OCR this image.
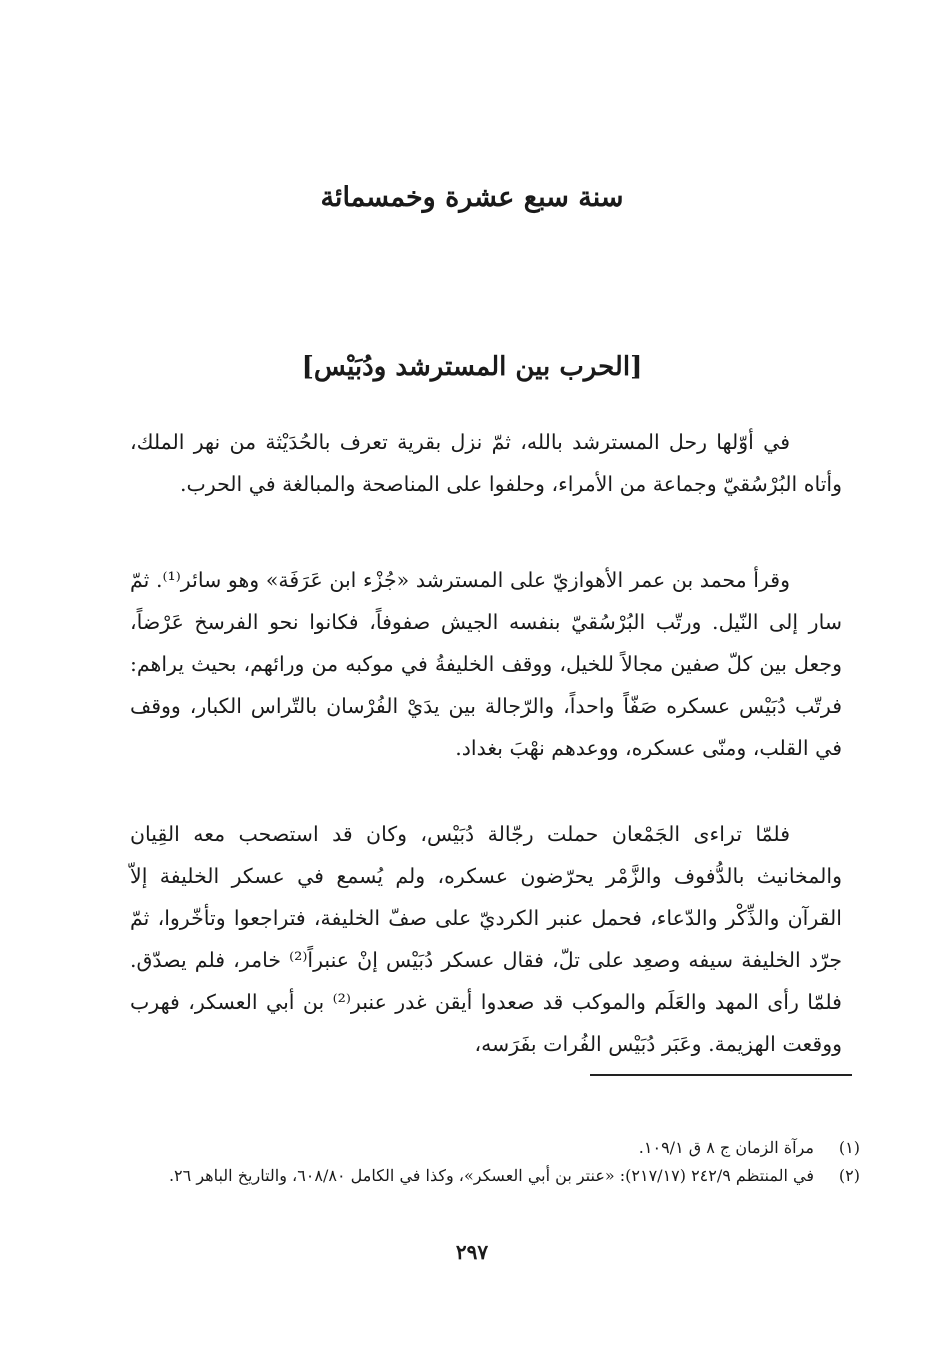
سنة سبع عشرة وخمسمائة
[الحرب بين المسترشد ودُبَيْس]

في أوّلها رحل المسترشد بالله، ثمّ نزل بقرية تعرف بالحُدَيْثة من نهر الملك، وأتاه البُرْسُقيّ وجماعة من الأمراء، وحلفوا على المناصحة والمبالغة في الحرب.

وقرأ محمد بن عمر الأهوازيّ على المسترشد «جُزْء ابن عَرَفَة» وهو سائر⁽¹⁾. ثمّ سار إلى النّيل. ورتّب البُرْسُقيّ بنفسه الجيش صفوفاً، فكانوا نحو الفرسخ عَرْضاً، وجعل بين كلّ صفين مجالاً للخيل، ووقف الخليفةُ في موكبه من ورائهم، بحيث يراهم: فرتّب دُبَيْس عسكره صَفّاً واحداً، والرّجالة بين يدَيْ الفُرْسان بالتّراس الكبار، ووقف في القلب، ومنّى عسكره، ووعدهم نهْبَ بغداد.

فلمّا تراءى الجَمْعان حملت رجّالة دُبَيْس، وكان قد استصحب معه القِيان والمخانيث بالدُّفوف والزَّمْر يحرّضون عسكره، ولم يُسمع في عسكر الخليفة إلاّ القرآن والذِّكْر والدّعاء، فحمل عنبر الكرديّ على صفّ الخليفة، فتراجعوا وتأخّروا، ثمّ جرّد الخليفة سيفه وصعِد على تلّ، فقال عسكر دُبَيْس إنْ عنبراً⁽²⁾ خامر، فلم يصدّق. فلمّا رأى المهد والعَلَم والموكب قد صعدوا أيقن غدر عنبر⁽²⁾ بن أبي العسكر، فهرب ووقعت الهزيمة. وعَبَر دُبَيْس الفُرات بفَرَسه،

(١)
مرآة الزمان ج ٨ ق ١٠٩/١.
(٢)
في المنتظم ٢٤٢/٩ (٢١٧/١٧): «عنتر بن أبي العسكر»، وكذا في الكامل ٦٠٨/٨٠، والتاريخ الباهر ٢٦.
٢٩٧
